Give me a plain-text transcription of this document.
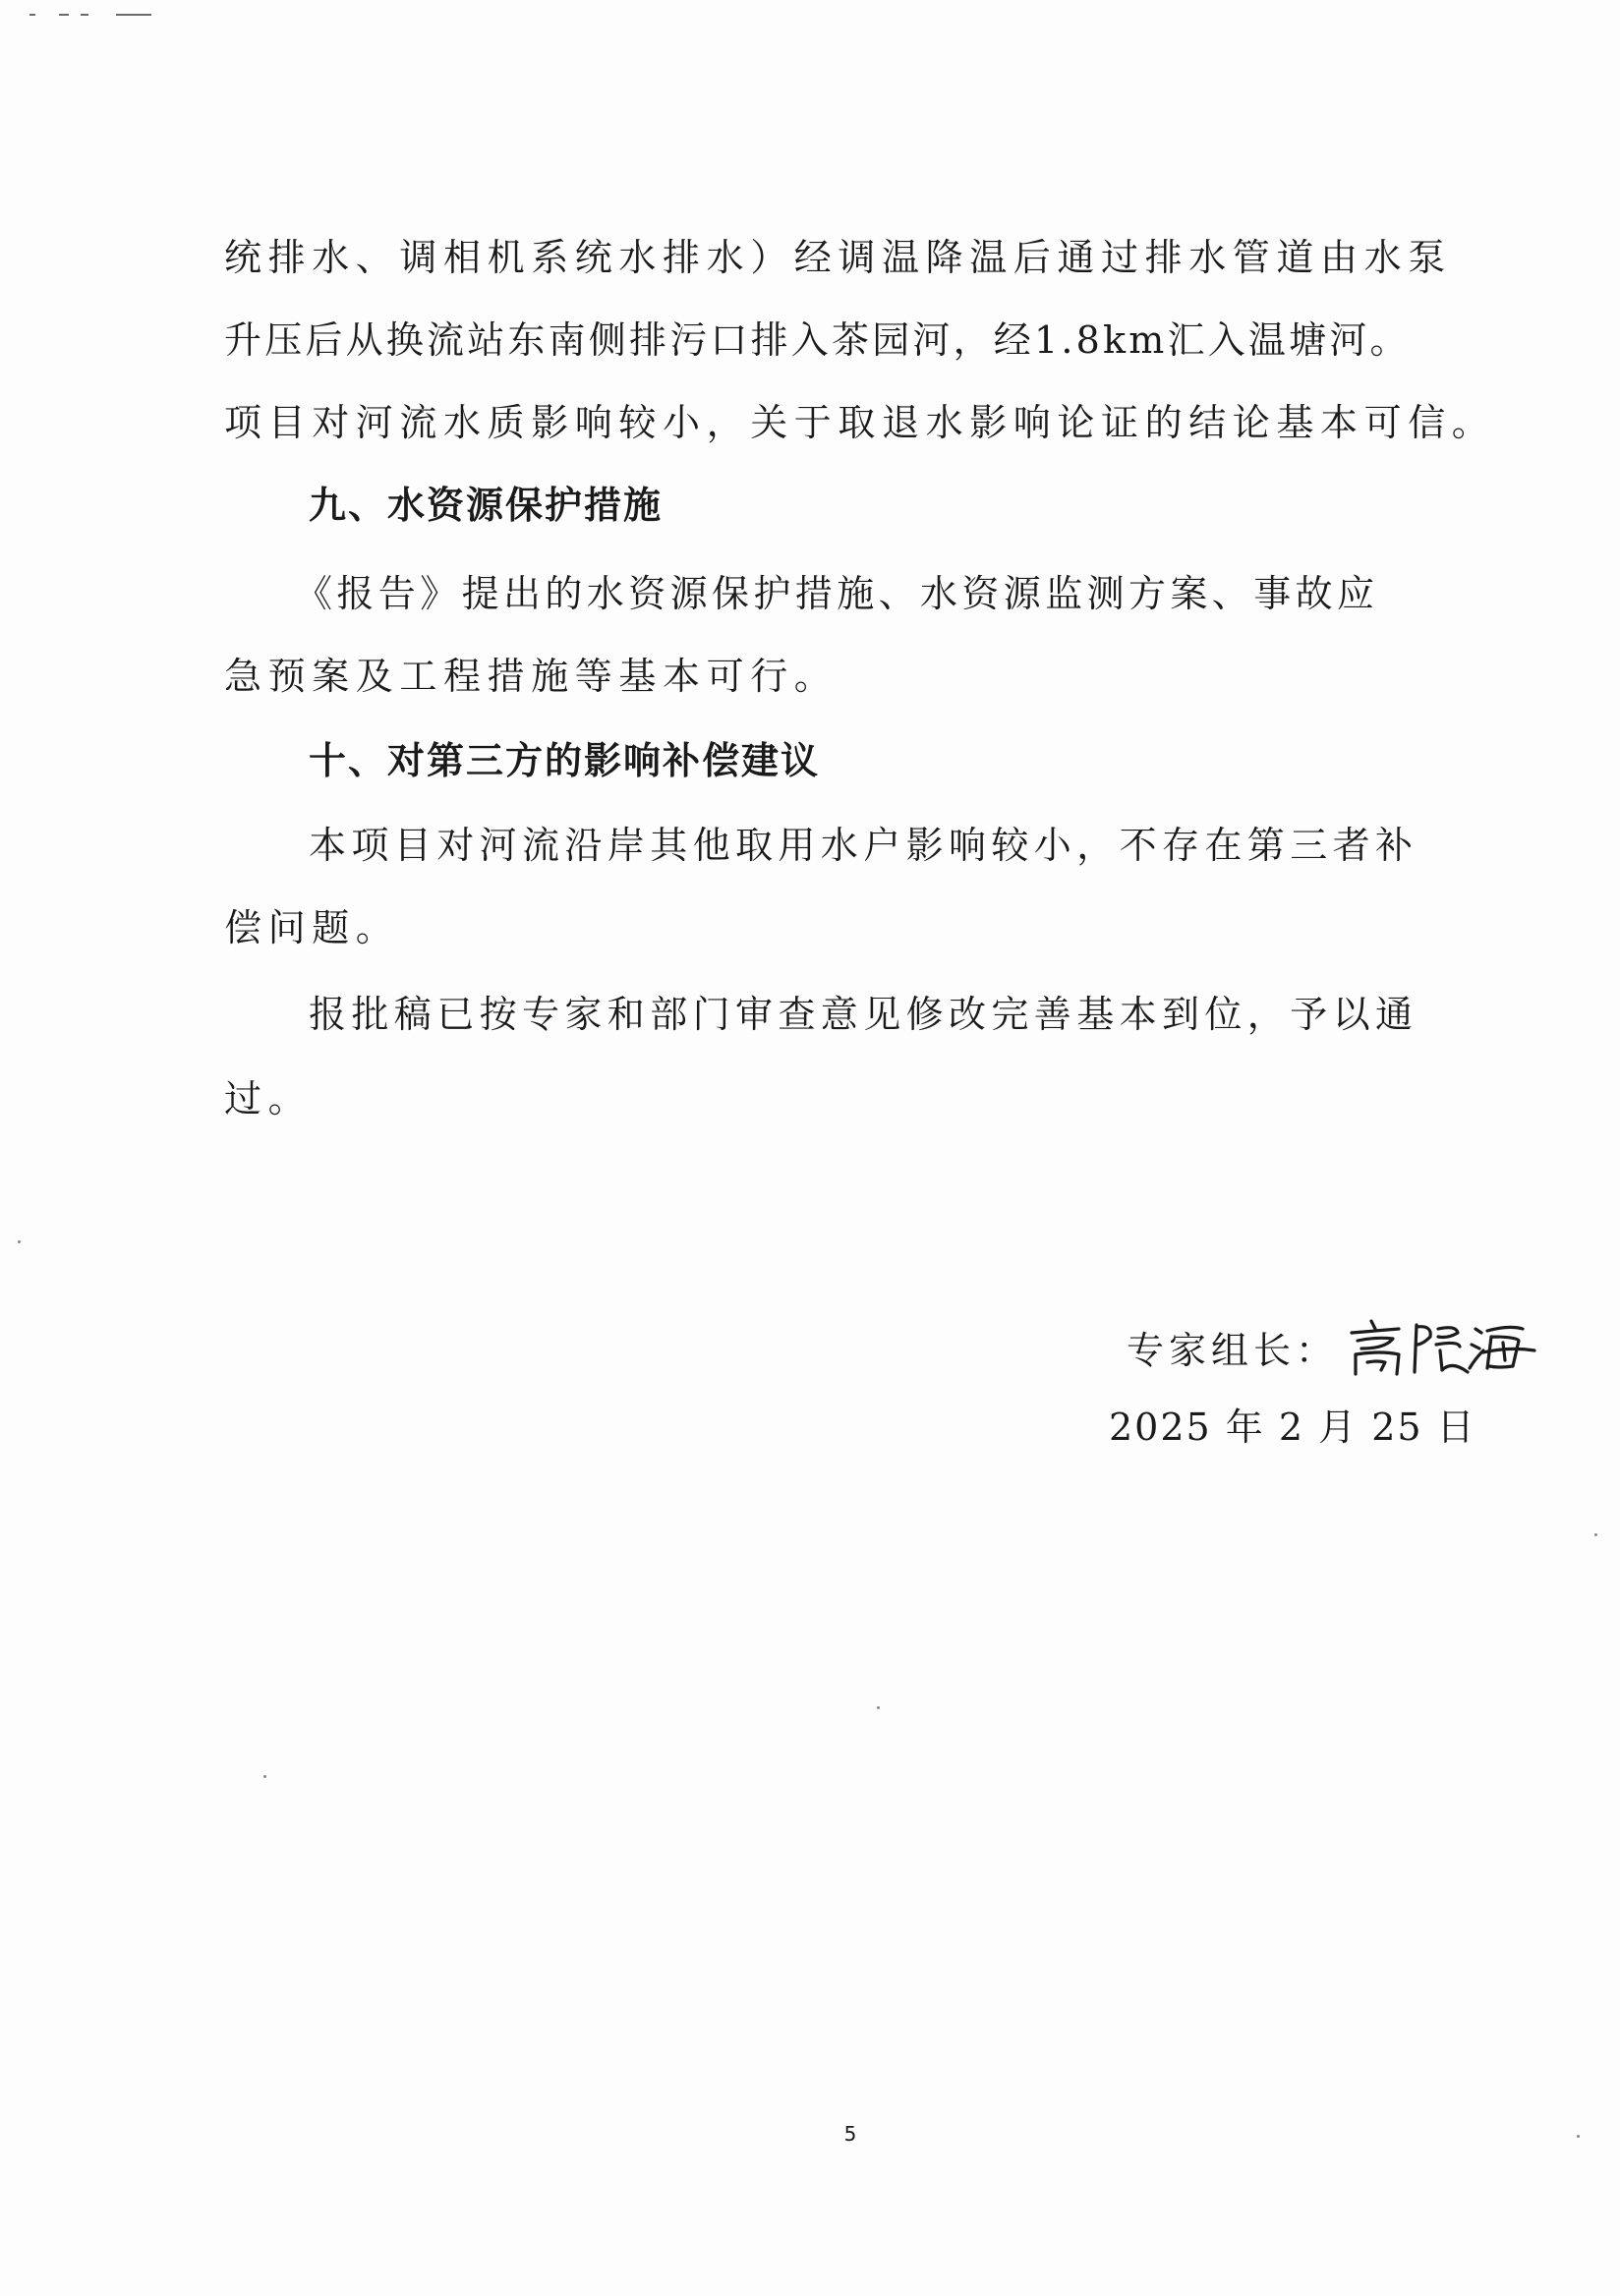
统排水、调相机系统水排水）经调温降温后通过排水管道由水泵
升压后从换流站东南侧排污口排入茶园河，经1.8km汇入温塘河。
项目对河流水质影响较小，关于取退水影响论证的结论基本可信。
九、水资源保护措施
《报告》提出的水资源保护措施、水资源监测方案、事故应
急预案及工程措施等基本可行。
十、对第三方的影响补偿建议
本项目对河流沿岸其他取用水户影响较小，不存在第三者补
偿问题。
报批稿已按专家和部门审查意见修改完善基本到位，予以通
过。
专家组长：
高俊海
2025 年 2 月 25 日
5
